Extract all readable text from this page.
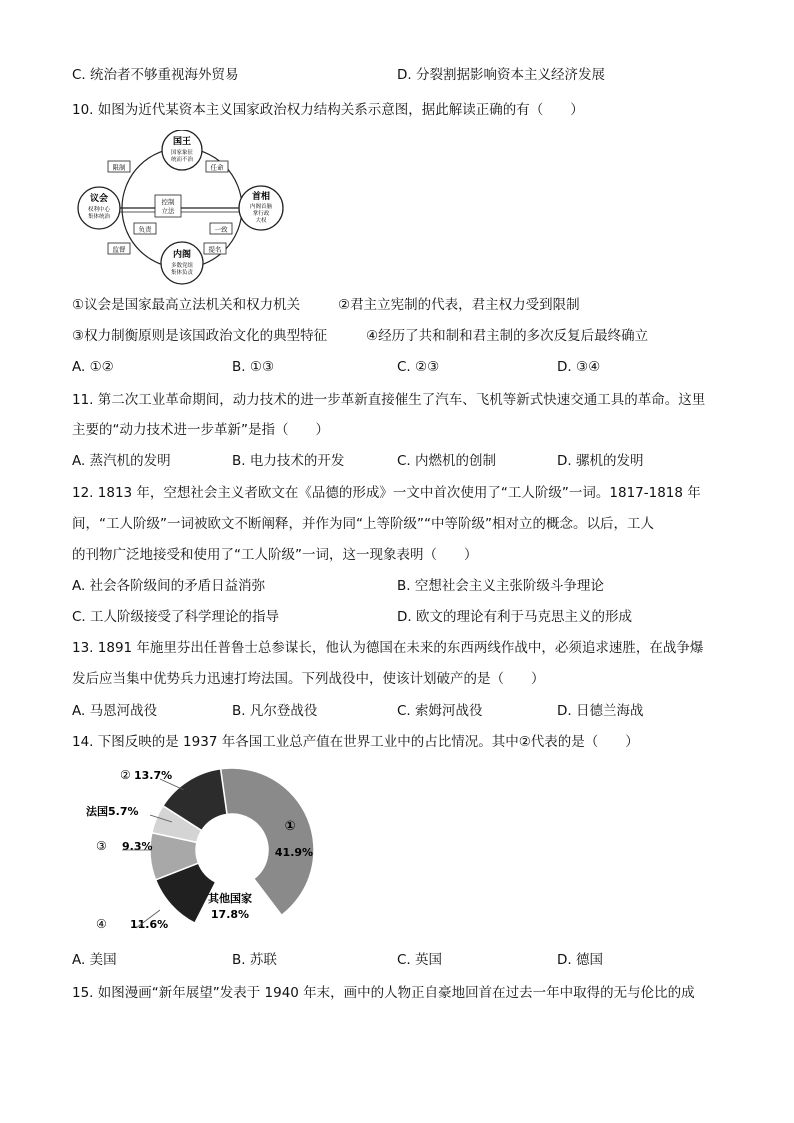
C. 统治者不够重视海外贸易	D. 分裂割据影响资本主义经济发展
10. 如图为近代某资本主义国家政治权力结构关系示意图，据此解读正确的有（　　）
国王
国家象征
统而不治
议会
权利中心
集体统治
首相
内阁首脑
掌行政
大权
内阁
多数党组
集体负责
限制	任命
控制
立法
负责	一致
监督	提名
①议会是国家最高立法机关和权力机关	②君主立宪制的代表，君主权力受到限制
③权力制衡原则是该国政治文化的典型特征	④经历了共和制和君主制的多次反复后最终确立
A. ①②	B. ①③	C. ②③	D. ③④
11. 第二次工业革命期间，动力技术的进一步革新直接催生了汽车、飞机等新式快速交通工具的革命。这里
主要的“动力技术进一步革新”是指（　　）
A. 蒸汽机的发明	B. 电力技术的开发	C. 内燃机的创制	D. 骡机的发明
12. 1813 年，空想社会主义者欧文在《品德的形成》一文中首次使用了“工人阶级”一词。1817-1818 年
间，“工人阶级”一词被欧文不断阐释，并作为同“上等阶级”“中等阶级”相对立的概念。以后，工人
的刊物广泛地接受和使用了“工人阶级”一词，这一现象表明（　　）
A. 社会各阶级间的矛盾日益消弥	B. 空想社会主义主张阶级斗争理论
C. 工人阶级接受了科学理论的指导	D. 欧文的理论有利于马克思主义的形成
13. 1891 年施里芬出任普鲁士总参谋长，他认为德国在未来的东西两线作战中，必须追求速胜，在战争爆
发后应当集中优势兵力迅速打垮法国。下列战役中，使该计划破产的是（　　）
A. 马恩河战役	B. 凡尔登战役	C. 索姆河战役	D. 日德兰海战
14. 下图反映的是 1937 年各国工业总产值在世界工业中的占比情况。其中②代表的是（　　）
①
41.9%
其他国家
17.8%
④ 11.6%
③ 9.3%
法国5.7%
② 13.7%
A. 美国	B. 苏联	C. 英国	D. 德国
15. 如图漫画“新年展望”发表于 1940 年末，画中的人物正自豪地回首在过去一年中取得的无与伦比的成
